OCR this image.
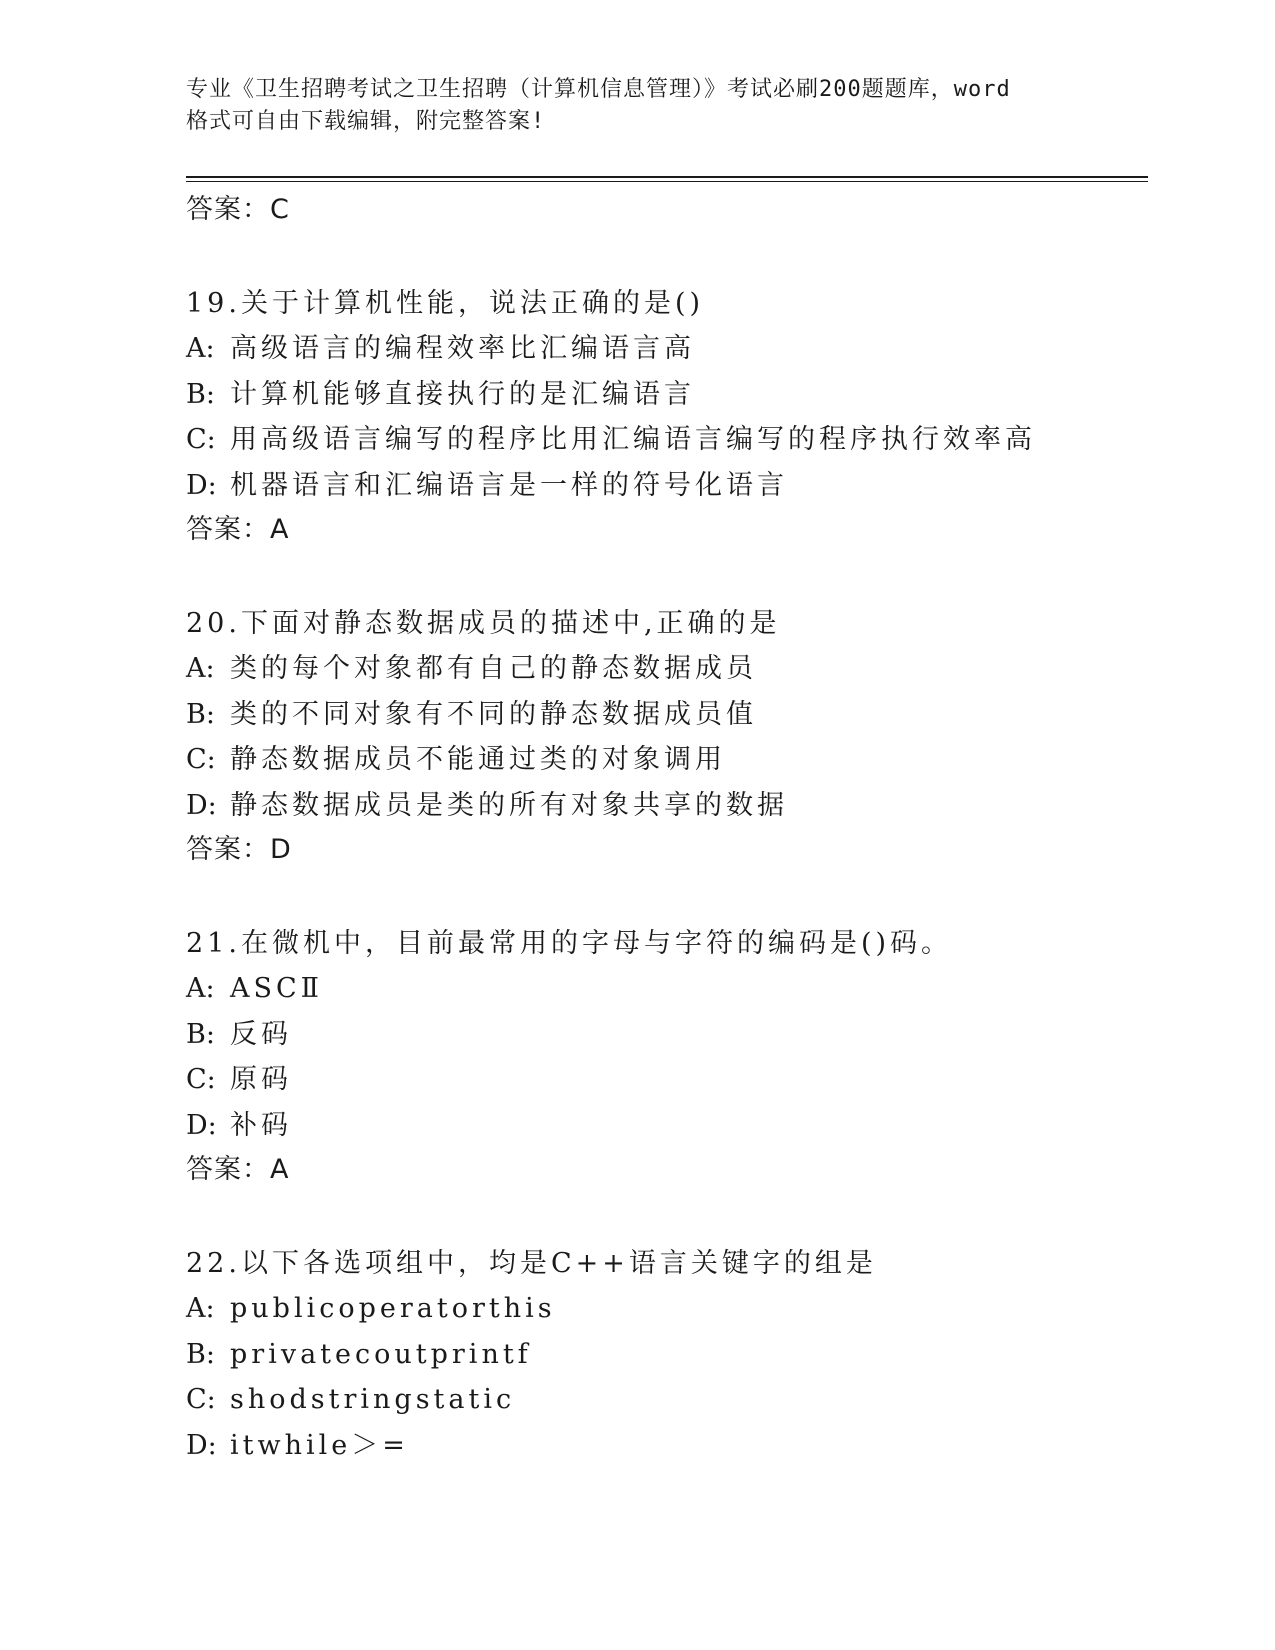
专业《卫生招聘考试之卫生招聘（计算机信息管理）》考试必刷200题题库，word
格式可自由下载编辑，附完整答案!
答案：C
19.关于计算机性能，说法正确的是()
A: 高级语言的编程效率比汇编语言高
B: 计算机能够直接执行的是汇编语言
C: 用高级语言编写的程序比用汇编语言编写的程序执行效率高
D: 机器语言和汇编语言是一样的符号化语言
答案：A
20.下面对静态数据成员的描述中,正确的是
A: 类的每个对象都有自己的静态数据成员
B: 类的不同对象有不同的静态数据成员值
C: 静态数据成员不能通过类的对象调用
D: 静态数据成员是类的所有对象共享的数据
答案：D
21.在微机中，目前最常用的字母与字符的编码是()码。
A: ASCⅡ
B: 反码
C: 原码
D: 补码
答案：A
22.以下各选项组中，均是C++语言关键字的组是
A: publicoperatorthis
B: privatecoutprintf
C: shodstringstatic
D: itwhile＞=
